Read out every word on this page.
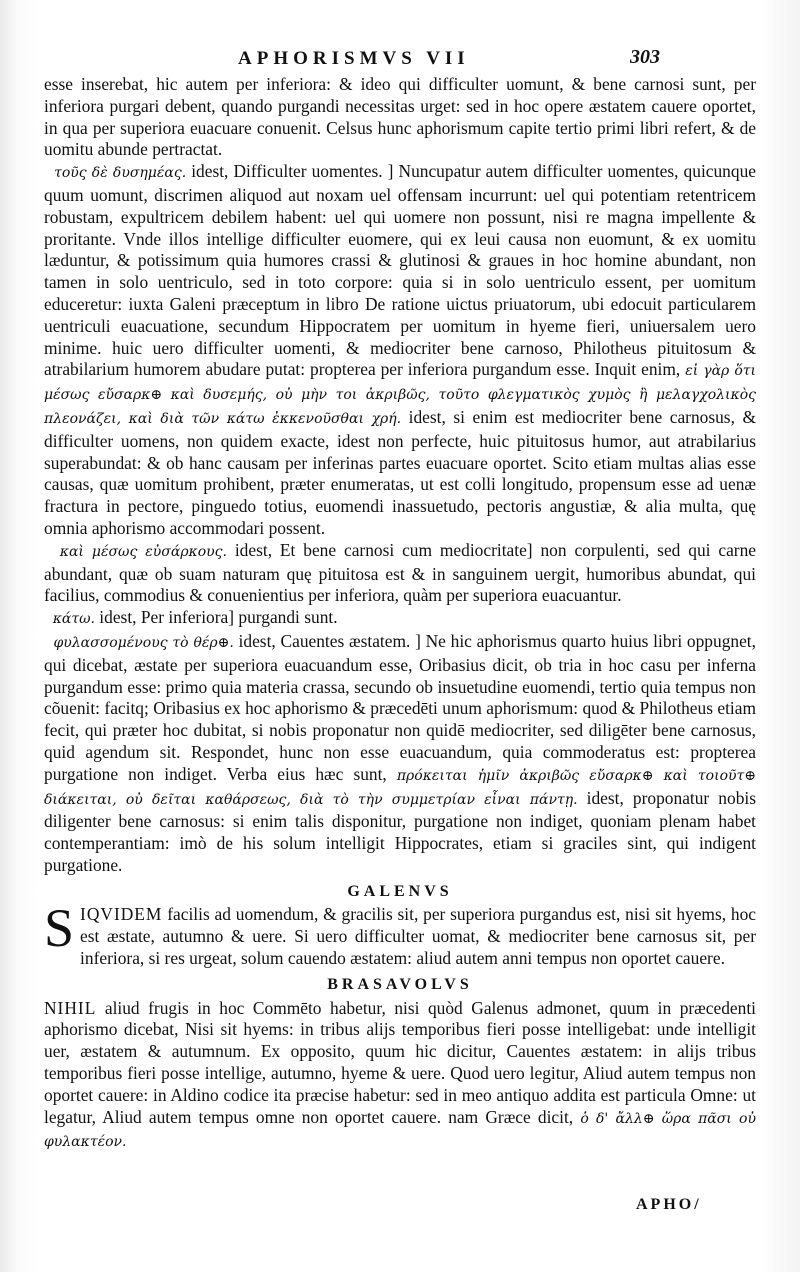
APHORISMVS VII	303

esse inserebat, hic autem per inferiora: & ideo qui difficulter uomunt, & bene carnosi sunt, per inferiora purgari debent, quando purgandi necessitas urget: sed in hoc opere æstatem cauere oportet, in qua per superiora euacuare conuenit. Celsus hunc aphorismum capite tertio primi libri refert, & de uomitu abunde pertractat.

τοῦς δὲ δυσημέας. idest, Difficulter uomentes. ] Nuncupatur autem difficulter uomentes, quicunque quum uomunt, discrimen aliquod aut noxam uel offensam incurrunt: uel qui potentiam retentricem robustam, expultricem debilem habent: uel qui uomere non possunt, nisi re magna impellente & proritante. Vnde illos intellige difficulter euomere, qui ex leui causa non euomunt, & ex uomitu læduntur, & potissimum quia humores crassi & glutinosi & graues in hoc homine abundant, non tamen in solo uentriculo, sed in toto corpore: quia si in solo uentriculo essent, per uomitum educeretur: iuxta Galeni præceptum in libro De ratione uictus priuatorum, ubi edocuit particularem uentriculi euacuatione, secundum Hippocratem per uomitum in hyeme fieri, uniuersalem uero minime. huic uero difficulter uomenti, & mediocriter bene carnoso, Philotheus pituitosum & atrabilarium humorem abudare putat: propterea per inferiora purgandum esse. Inquit enim, εἰ γὰρ ὅτι μέσως εὔσαρκ⊕ καὶ δυσεμής, οὐ μὴν τοι ἀκριβῶς, τοῦτο φλεγματικὸς χυμὸς ἢ μελαγχολικὸς πλεονάζει, καὶ διὰ τῶν κάτω ἐκκενοῦσθαι χρή. idest, si enim est mediocriter bene carnosus, & difficulter uomens, non quidem exacte, idest non perfecte, huic pituitosus humor, aut atrabilarius superabundat: & ob hanc causam per inferinas partes euacuare oportet. Scito etiam multas alias esse causas, quæ uomitum prohibent, præter enumeratas, ut est colli longitudo, propensum esse ad uenæ fractura in pectore, pinguedo totius, euomendi inassuetudo, pectoris angustiæ, & alia multa, quę omnia aphorismo accommodari possent.

καὶ μέσως εὐσάρκους. idest, Et bene carnosi cum mediocritate] non corpulenti, sed qui carne abundant, quæ ob suam naturam quę pituitosa est & in sanguinem uergit, humoribus abundat, qui facilius, commodius & conuenientius per inferiora, quàm per superiora euacuantur.

κάτω. idest, Per inferiora] purgandi sunt.

φυλασσομένους τὸ θέρ⊕. idest, Cauentes æstatem. ] Ne hic aphorismus quarto huius libri oppugnet, qui dicebat, æstate per superiora euacuandum esse, Oribasius dicit, ob tria in hoc casu per inferna purgandum esse: primo quia materia crassa, secundo ob insuetudine euomendi, tertio quia tempus non cõuenit: facitq; Oribasius ex hoc aphorismo & præcedēti unum aphorismum: quod & Philotheus etiam fecit, qui præter hoc dubitat, si nobis proponatur non quidē mediocriter, sed diligēter bene carnosus, quid agendum sit. Respondet, hunc non esse euacuandum, quia commoderatus est: propterea purgatione non indiget. Verba eius hæc sunt, πρόκειται ἡμῖν ἀκριβῶς εὔσαρκ⊕ καὶ τοιοῦτ⊕ διάκειται, οὐ δεῖται καθάρσεως, διὰ τὸ τὴν συμμετρίαν εἶναι πάντῃ. idest, proponatur nobis diligenter bene carnosus: si enim talis disponitur, purgatione non indiget, quoniam plenam habet contemperantiam: imò de his solum intelligit Hippocrates, etiam si graciles sint, qui indigent purgatione.

GALENVS

SIQVIDEM facilis ad uomendum, & gracilis sit, per superiora purgandus est, nisi sit hyems, hoc est æstate, autumno & uere. Si uero difficulter uomat, & mediocriter bene carnosus sit, per inferiora, si res urgeat, solum cauendo æstatem: aliud autem anni tempus non oportet cauere.

BRASAVOLVS

NIHIL aliud frugis in hoc Commēto habetur, nisi quòd Galenus admonet, quum in præcedenti aphorismo dicebat, Nisi sit hyems: in tribus alijs temporibus fieri posse intelligebat: unde intelligit uer, æstatem & autumnum. Ex opposito, quum hic dicitur, Cauentes æstatem: in alijs tribus temporibus fieri posse intellige, autumno, hyeme & uere. Quod uero legitur, Aliud autem tempus non oportet cauere: in Aldino codice ita præcise habetur: sed in meo antiquo addita est particula Omne: ut legatur, Aliud autem tempus omne non oportet cauere. nam Græce dicit, ὁ δ' ἄλλ⊕ ὥρα πᾶσι οὐ φυλακτέον.

APHO/
